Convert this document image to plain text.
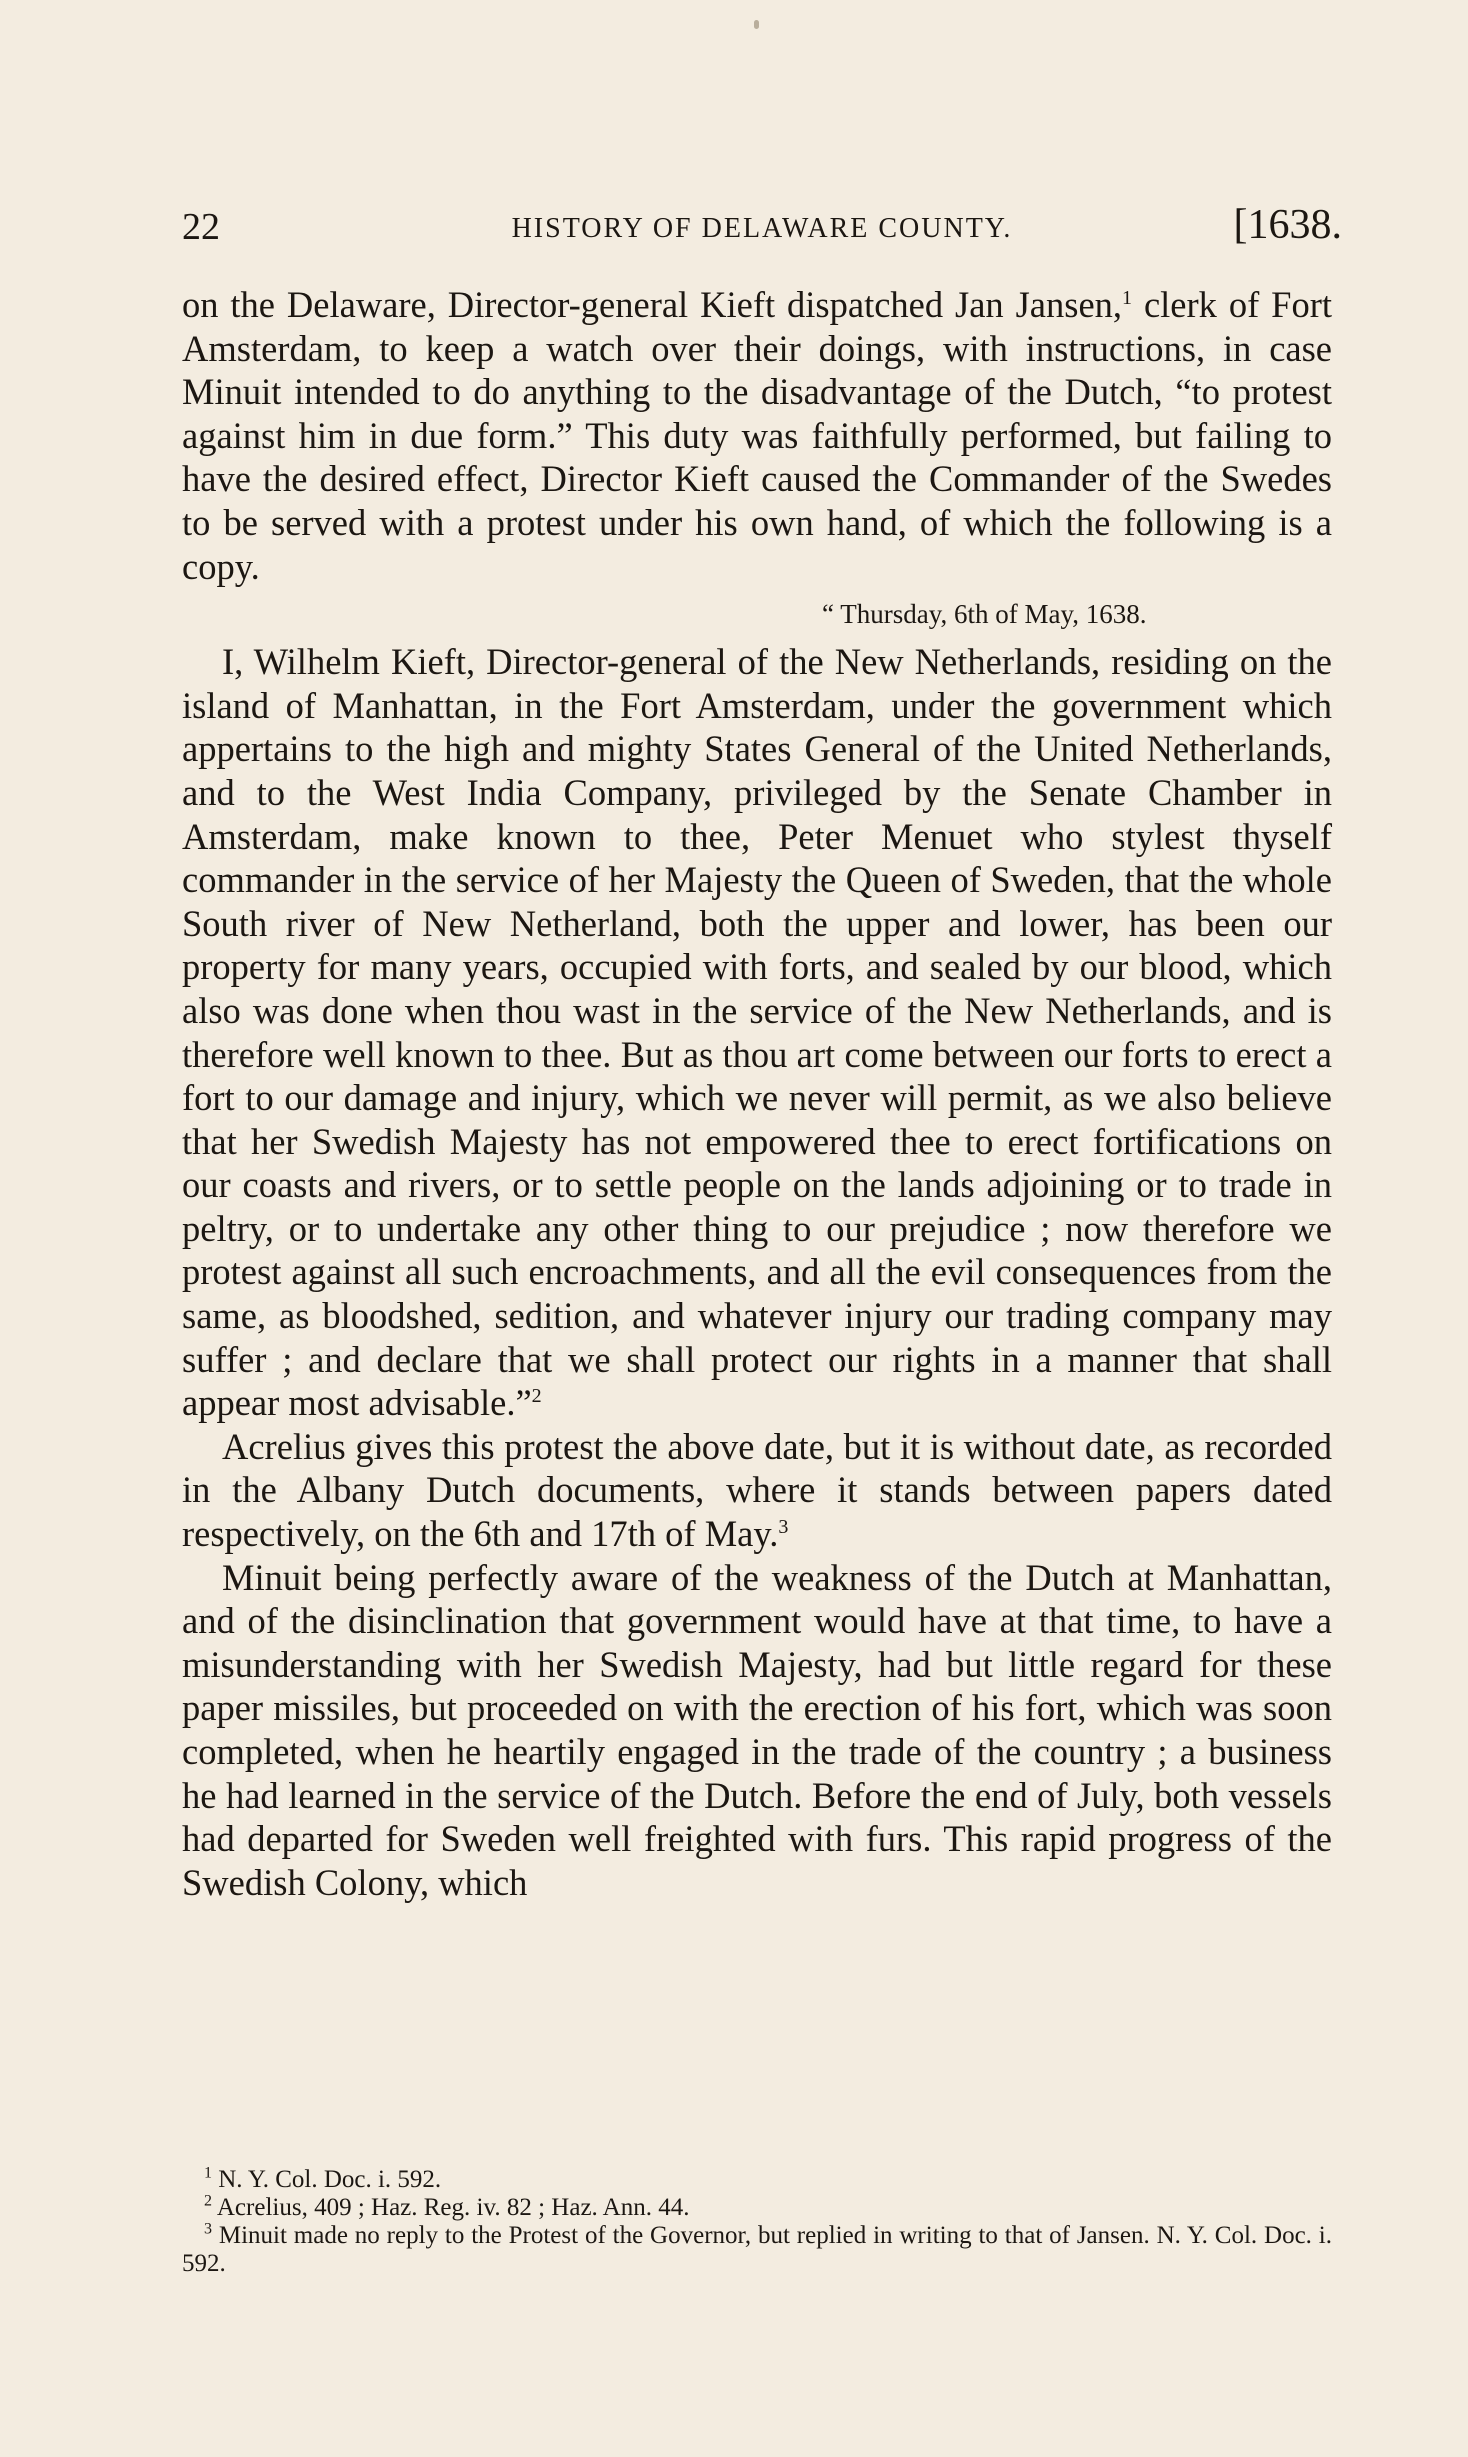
22	HISTORY OF DELAWARE COUNTY.	[1638.

on the Delaware, Director-general Kieft dispatched Jan Jansen,$^1$ clerk of Fort Amsterdam, to keep a watch over their doings, with instructions, in case Minuit intended to do anything to the disadvantage of the Dutch, “to protest against him in due form.” This duty was faithfully performed, but failing to have the desired effect, Director Kieft caused the Commander of the Swedes to be served with a protest under his own hand, of which the following is a copy.

“ Thursday, 6th of May, 1638.

I, Wilhelm Kieft, Director-general of the New Netherlands, residing on the island of Manhattan, in the Fort Amsterdam, under the government which appertains to the high and mighty States General of the United Netherlands, and to the West India Company, privileged by the Senate Chamber in Amsterdam, make known to thee, Peter Menuet who stylest thyself commander in the service of her Majesty the Queen of Sweden, that the whole South river of New Netherland, both the upper and lower, has been our property for many years, occupied with forts, and sealed by our blood, which also was done when thou wast in the service of the New Netherlands, and is therefore well known to thee. But as thou art come between our forts to erect a fort to our damage and injury, which we never will permit, as we also believe that her Swedish Majesty has not empowered thee to erect fortifications on our coasts and rivers, or to settle people on the lands adjoining or to trade in peltry, or to undertake any other thing to our prejudice ; now therefore we protest against all such encroachments, and all the evil consequences from the same, as bloodshed, sedition, and whatever injury our trading company may suffer ; and declare that we shall protect our rights in a manner that shall appear most advisable.”$^2$

Acrelius gives this protest the above date, but it is without date, as recorded in the Albany Dutch documents, where it stands between papers dated respectively, on the 6th and 17th of May.$^3$

Minuit being perfectly aware of the weakness of the Dutch at Manhattan, and of the disinclination that government would have at that time, to have a misunderstanding with her Swedish Majesty, had but little regard for these paper missiles, but proceeded on with the erection of his fort, which was soon completed, when he heartily engaged in the trade of the country ; a business he had learned in the service of the Dutch. Before the end of July, both vessels had departed for Sweden well freighted with furs. This rapid progress of the Swedish Colony, which

$^1$ N. Y. Col. Doc. i. 592.

$^2$ Acrelius, 409 ; Haz. Reg. iv. 82 ; Haz. Ann. 44.

$^3$ Minuit made no reply to the Protest of the Governor, but replied in writing to that of Jansen. N. Y. Col. Doc. i. 592.
